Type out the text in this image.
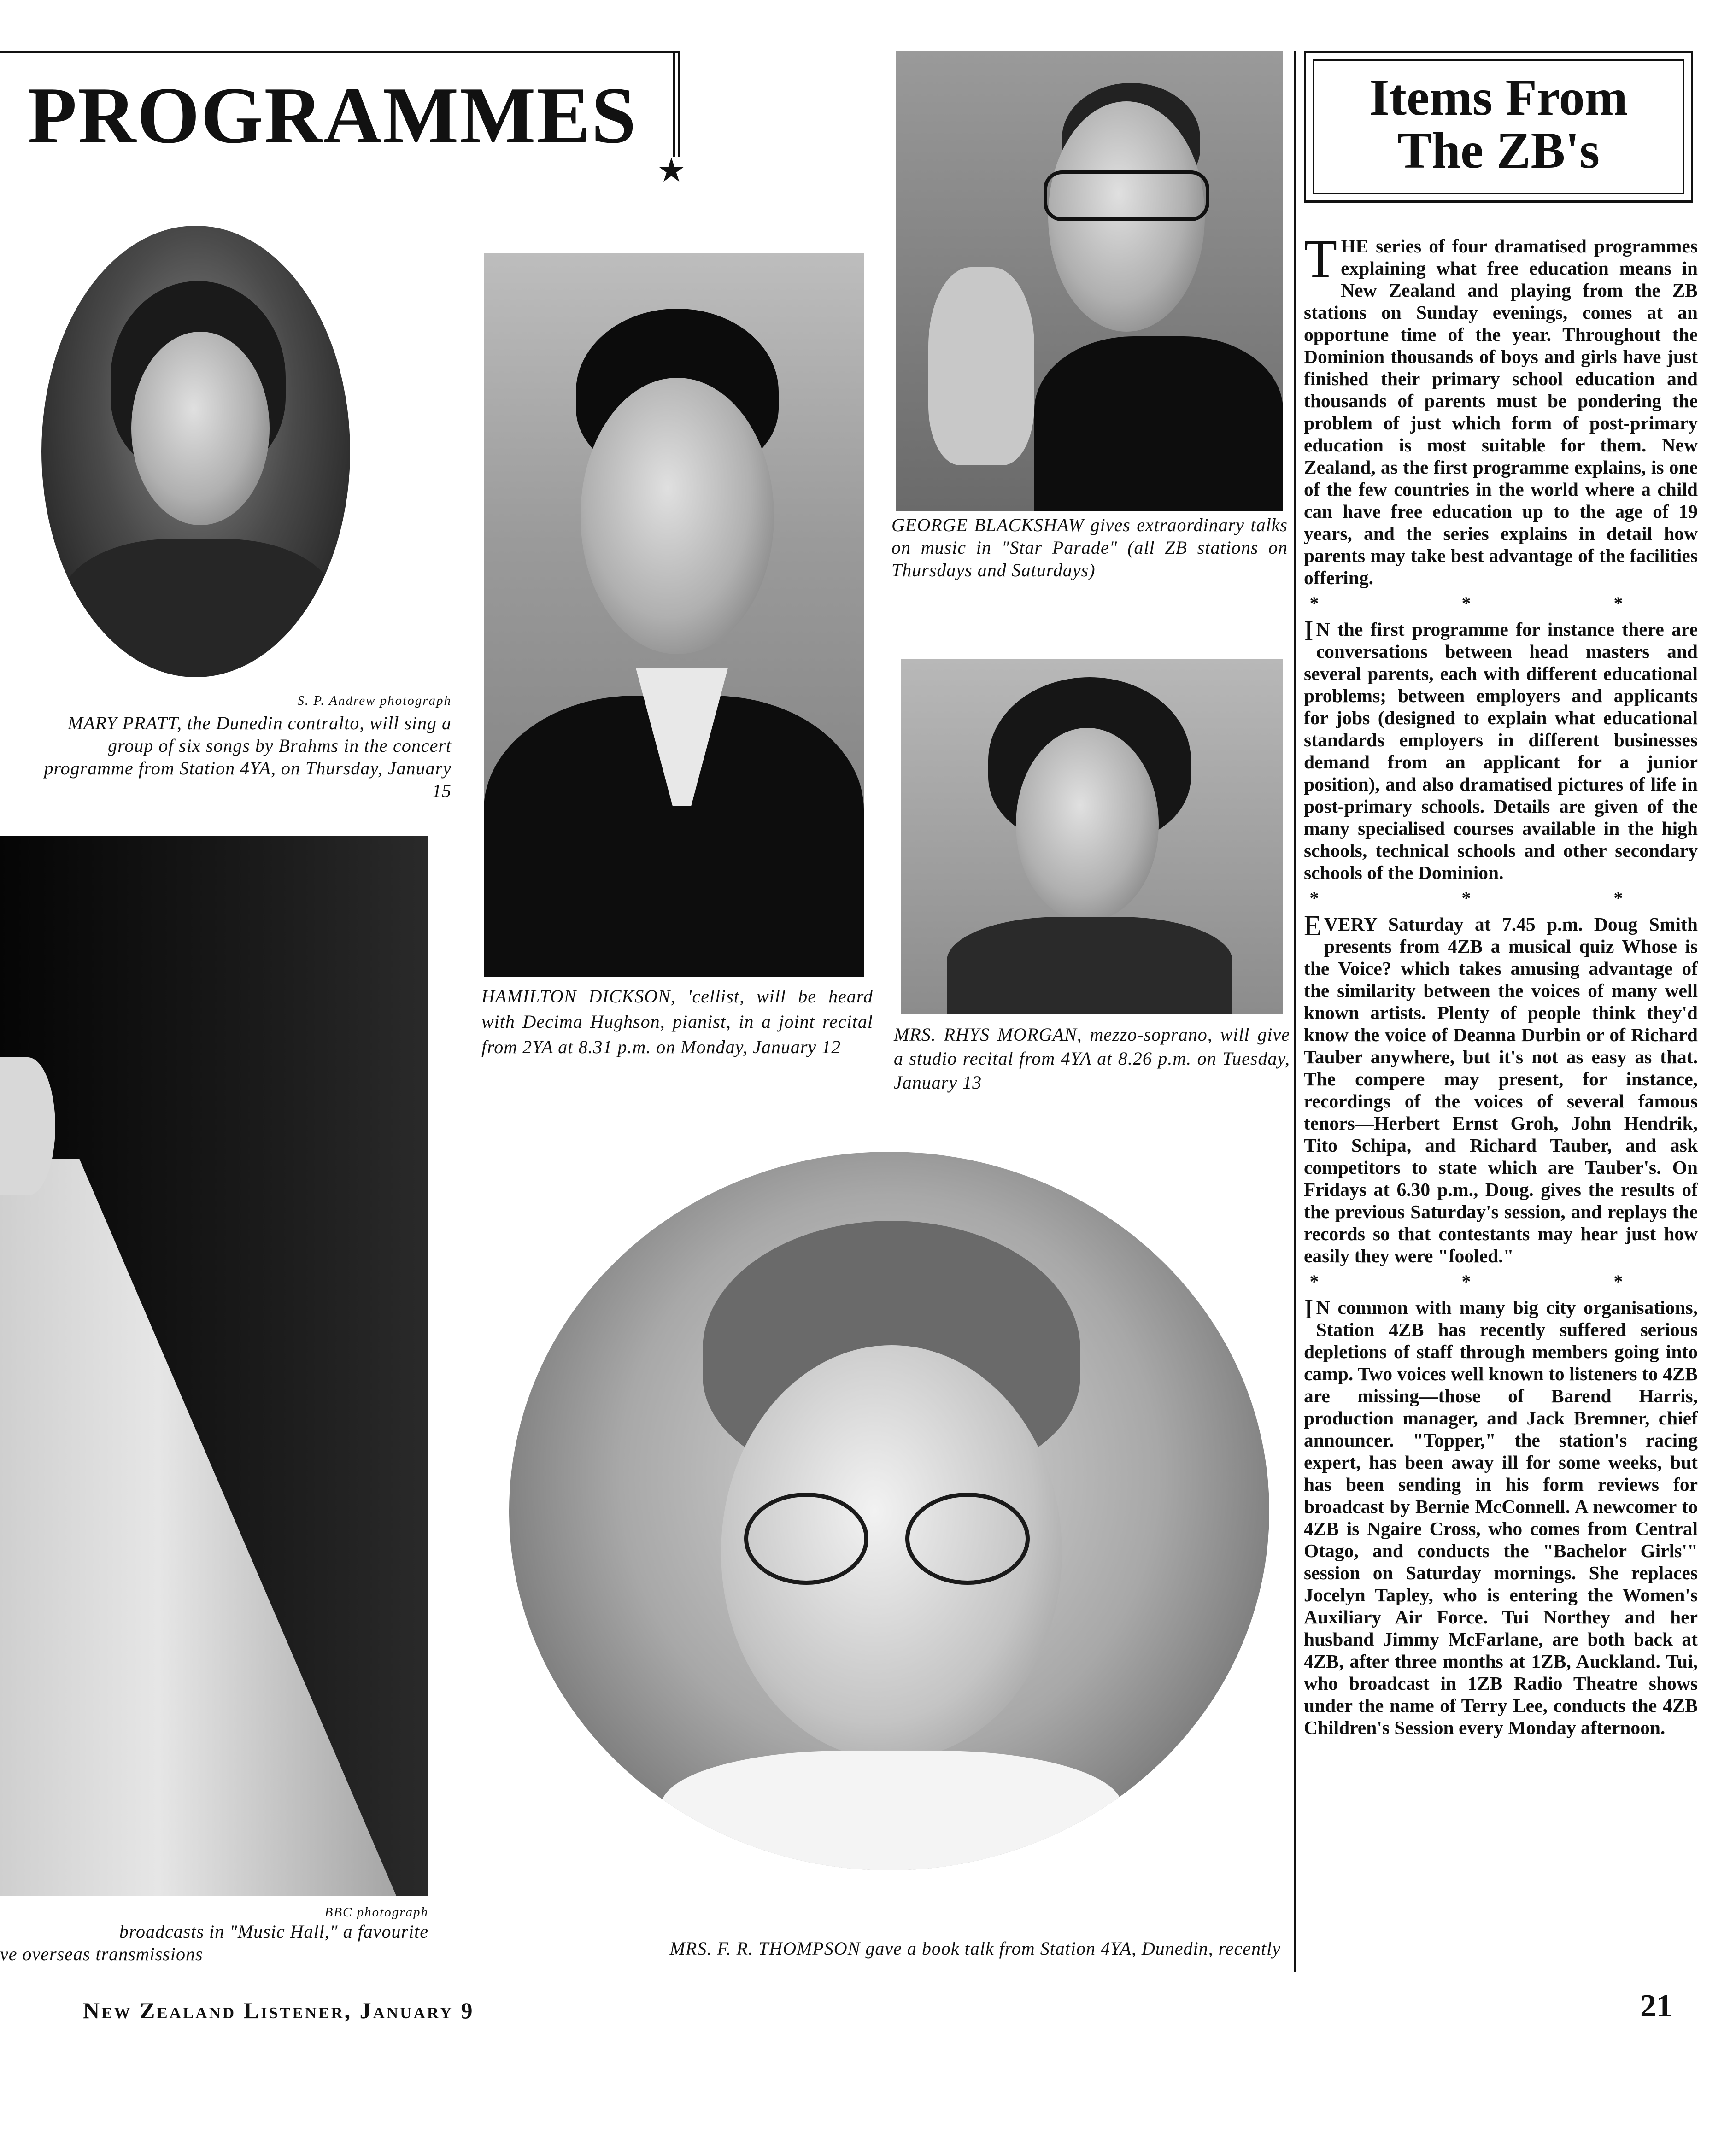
PROGRAMMES
★
Items From
The ZB's
S. P. Andrew photograph
MARY PRATT, the Dunedin contralto, will sing a group of six songs by Brahms in the concert programme from Station 4YA, on Thursday, January 15
HAMILTON DICKSON, 'cellist, will be heard with Decima Hughson, pianist, in a joint recital from 2YA at 8.31 p.m. on Monday, January 12
GEORGE BLACKSHAW gives extraordinary talks on music in "Star Parade" (all ZB stations on Thursdays and Saturdays)
MRS. RHYS MORGAN, mezzo-soprano, will give a studio recital from 4YA at 8.26 p.m. on Tuesday, January 13
BBC photograph
broadcasts in "Music Hall," a favourite
ve overseas transmissions	MRS. F. R. THOMPSON gave a book talk from Station 4YA, Dunedin, recently

THE series of four dramatised programmes explaining what free education means in New Zealand and playing from the ZB stations on Sunday evenings, comes at an opportune time of the year. Throughout the Dominion thousands of boys and girls have just finished their primary school education and thousands of parents must be pondering the problem of just which form of post-primary education is most suitable for them. New Zealand, as the first programme explains, is one of the few countries in the world where a child can have free education up to the age of 19 years, and the series explains in detail how parents may take best advantage of the facilities offering.

* * *

I N the first programme for instance there are conversations between head masters and several parents, each with different educational problems; between employers and applicants for jobs (designed to explain what educational standards employers in different businesses demand from an applicant for a junior position), and also dramatised pictures of life in post-primary schools. Details are given of the many specialised courses available in the high schools, technical schools and other secondary schools of the Dominion.

* * *

E VERY Saturday at 7.45 p.m. Doug Smith presents from 4ZB a musical quiz Whose is the Voice? which takes amusing advantage of the similarity between the voices of many well known artists. Plenty of people think they'd know the voice of Deanna Durbin or of Richard Tauber anywhere, but it's not as easy as that. The compere may present, for instance, recordings of the voices of several famous tenors—Herbert Ernst Groh, John Hendrik, Tito Schipa, and Richard Tauber, and ask competitors to state which are Tauber's. On Fridays at 6.30 p.m., Doug. gives the results of the previous Saturday's session, and replays the records so that contestants may hear just how easily they were "fooled."

* * *

I N common with many big city organisations, Station 4ZB has recently suffered serious depletions of staff through members going into camp. Two voices well known to listeners to 4ZB are missing—those of Barend Harris, production manager, and Jack Bremner, chief announcer. "Topper," the station's racing expert, has been away ill for some weeks, but has been sending in his form reviews for broadcast by Bernie McConnell. A newcomer to 4ZB is Ngaire Cross, who comes from Central Otago, and conducts the "Bachelor Girls'" session on Saturday mornings. She replaces Jocelyn Tapley, who is entering the Women's Auxiliary Air Force. Tui Northey and her husband Jimmy McFarlane, are both back at 4ZB, after three months at 1ZB, Auckland. Tui, who broadcast in 1ZB Radio Theatre shows under the name of Terry Lee, conducts the 4ZB Children's Session every Monday afternoon.

New Zealand Listener, January 9	21
